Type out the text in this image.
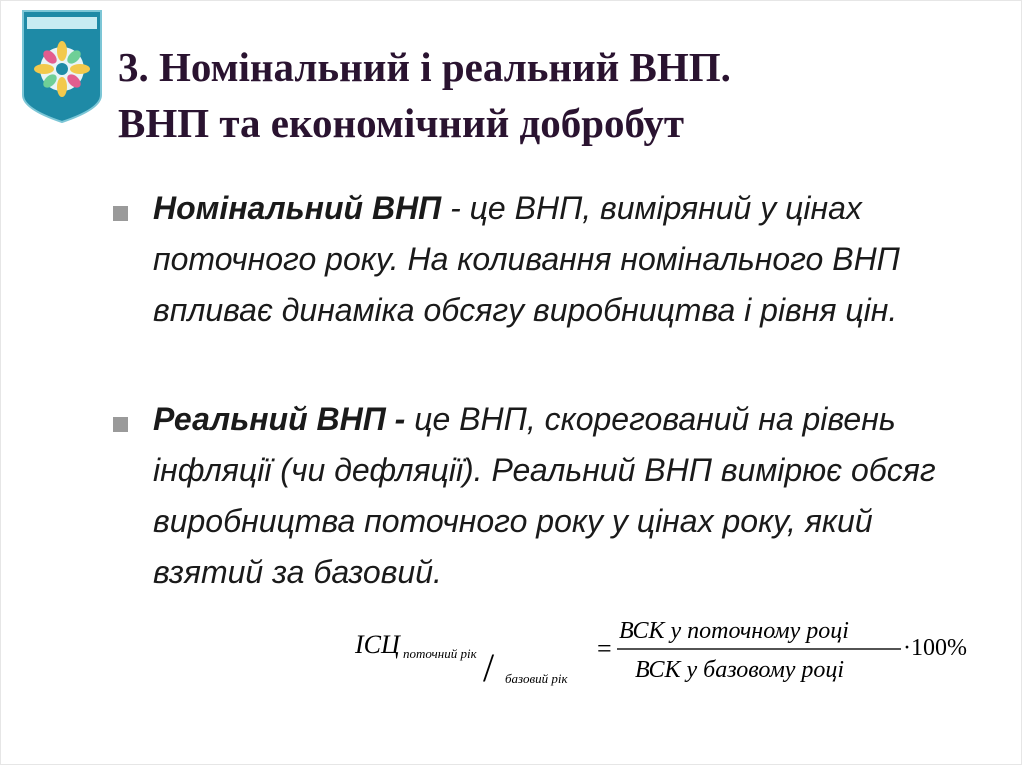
3. Номінальний і реальний ВНП.
ВНП та економічний добробут
Номінальний ВНП - це ВНП, виміряний у цінах поточного року. На коливання номінального ВНП впливає динаміка обсягу виробництва і рівня цін.
Реальний ВНП - це ВНП, скорегований на рівень інфляції (чи дефляції). Реальний ВНП вимірює обсяг виробництва поточного року у цінах року, який взятий за базовий.
ІСЦ поточний рік / базовий рік
=
ВСК у поточному році
ВСК у базовому році
·100%
